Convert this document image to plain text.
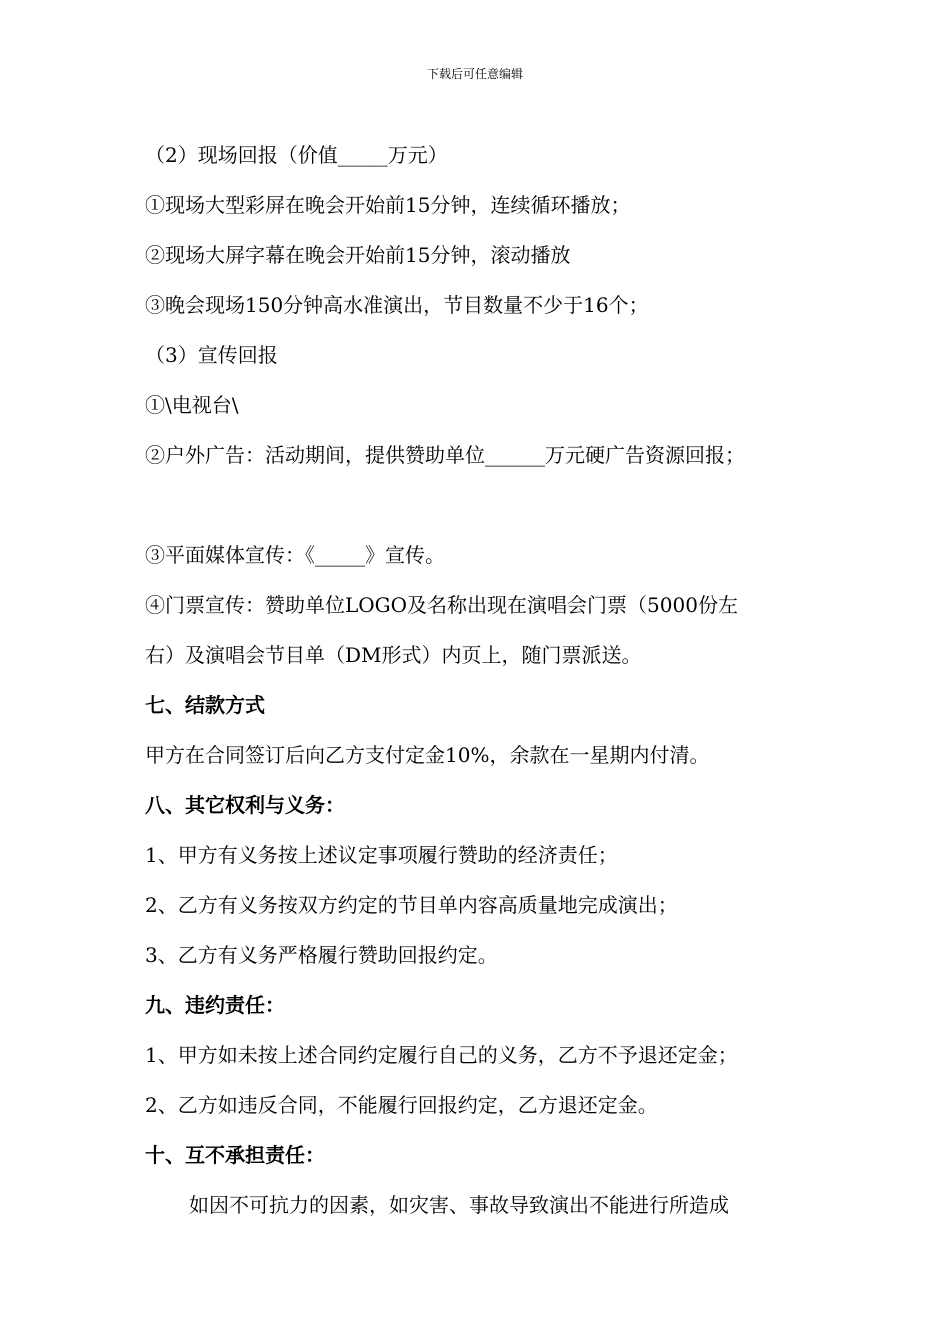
下载后可任意编辑
（2）现场回报（价值_____万元）
①现场大型彩屏在晚会开始前15分钟，连续循环播放；
②现场大屏字幕在晚会开始前15分钟，滚动播放
③晚会现场150分钟高水准演出，节目数量不少于16个；
（3）宣传回报
①\电视台\
②户外广告：活动期间，提供赞助单位______万元硬广告资源回报；
③平面媒体宣传：《_____》宣传。
④门票宣传：赞助单位LOGO及名称出现在演唱会门票（5000份左
右）及演唱会节目单（DM形式）内页上，随门票派送。
七、结款方式
甲方在合同签订后向乙方支付定金10%，余款在一星期内付清。
八、其它权利与义务：
1、甲方有义务按上述议定事项履行赞助的经济责任；
2、乙方有义务按双方约定的节目单内容高质量地完成演出；
3、乙方有义务严格履行赞助回报约定。
九、违约责任：
1、甲方如未按上述合同约定履行自己的义务，乙方不予退还定金；
2、乙方如违反合同，不能履行回报约定，乙方退还定金。
十、互不承担责任：
如因不可抗力的因素，如灾害、事故导致演出不能进行所造成
